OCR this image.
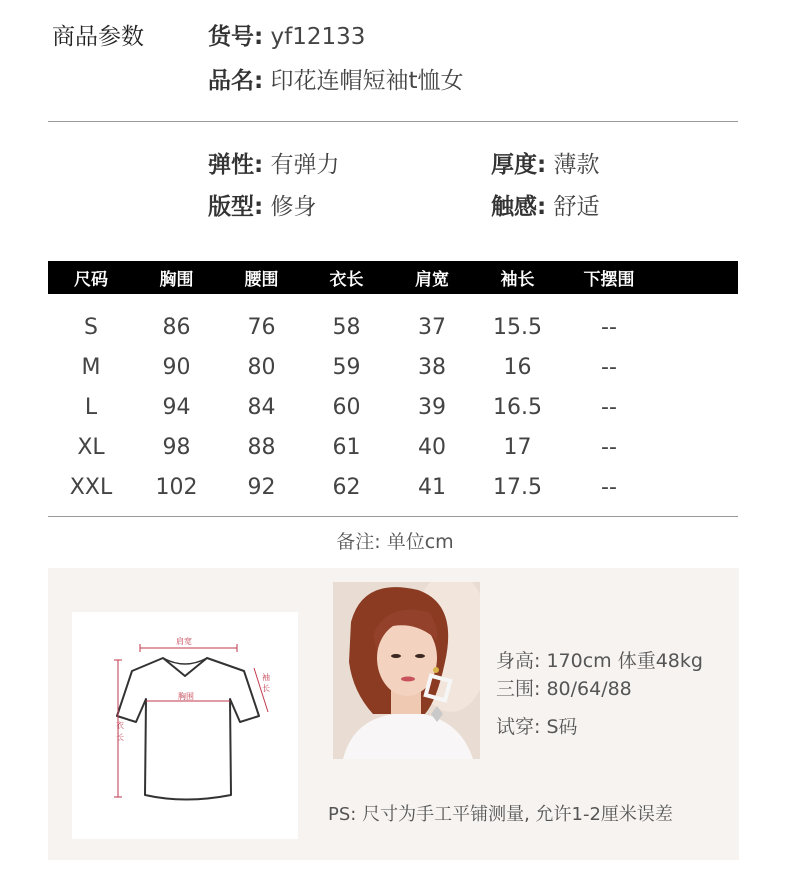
商品参数	货号: yf12133
品名: 印花连帽短袖t恤女
弹性: 有弹力	厚度: 薄款
版型: 修身	触感: 舒适
尺码	胸围	腰围	衣长	肩宽	袖长	下摆围
S	86	76	58	37	15.5	--
M	90	80	59	38	16	--
L	94	84	60	39	16.5	--
XL	98	88	61	40	17	--
XXL	102	92	62	41	17.5	--
备注: 单位cm
肩宽
胸围
袖
长
衣
长
身高: 170cm 体重48kg
三围: 80/64/88
试穿: S码
PS: 尺寸为手工平铺测量, 允许1-2厘米误差
